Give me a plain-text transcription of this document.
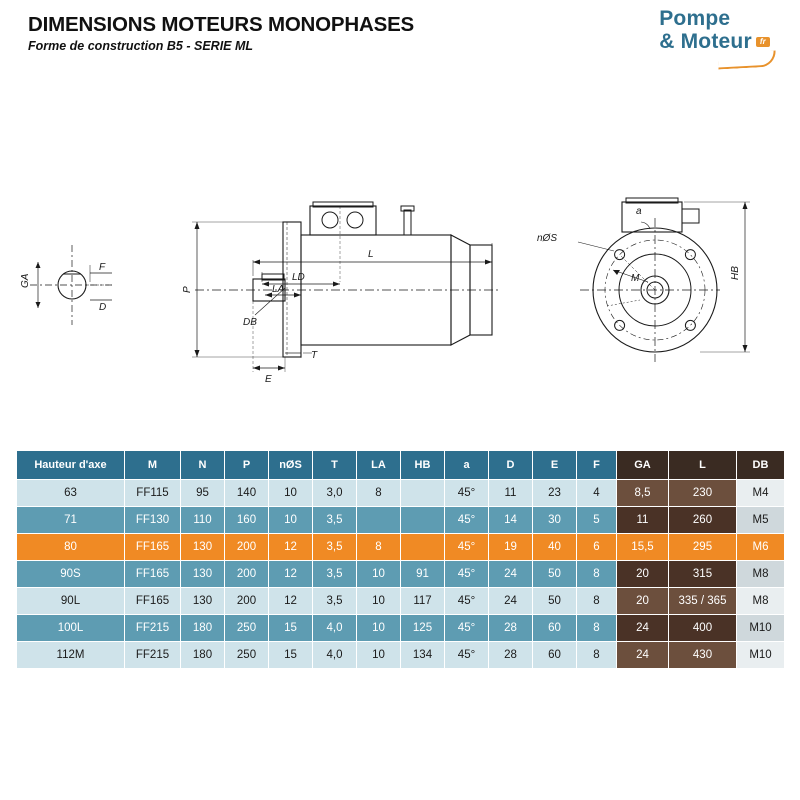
DIMENSIONS MOTEURS MONOPHASES
Forme de construction B5 - SERIE ML
Pompe
& Moteur fr
GA
F
D
L
LD
LA
P
DB
E
T
a
nØS
M	HB
Hauteur d'axe	M	N	P	nØS	T	LA	HB	a	D	E	F	GA	L	DB
63	FF115	95	140	10	3,0	8		45°	11	23	4	8,5	230	M4
71	FF130	110	160	10	3,5			45°	14	30	5	11	260	M5
80	FF165	130	200	12	3,5	8		45°	19	40	6	15,5	295	M6
90S	FF165	130	200	12	3,5	10	91	45°	24	50	8	20	315	M8
90L	FF165	130	200	12	3,5	10	117	45°	24	50	8	20	335 / 365	M8
100L	FF215	180	250	15	4,0	10	125	45°	28	60	8	24	400	M10
112M	FF215	180	250	15	4,0	10	134	45°	28	60	8	24	430	M10
